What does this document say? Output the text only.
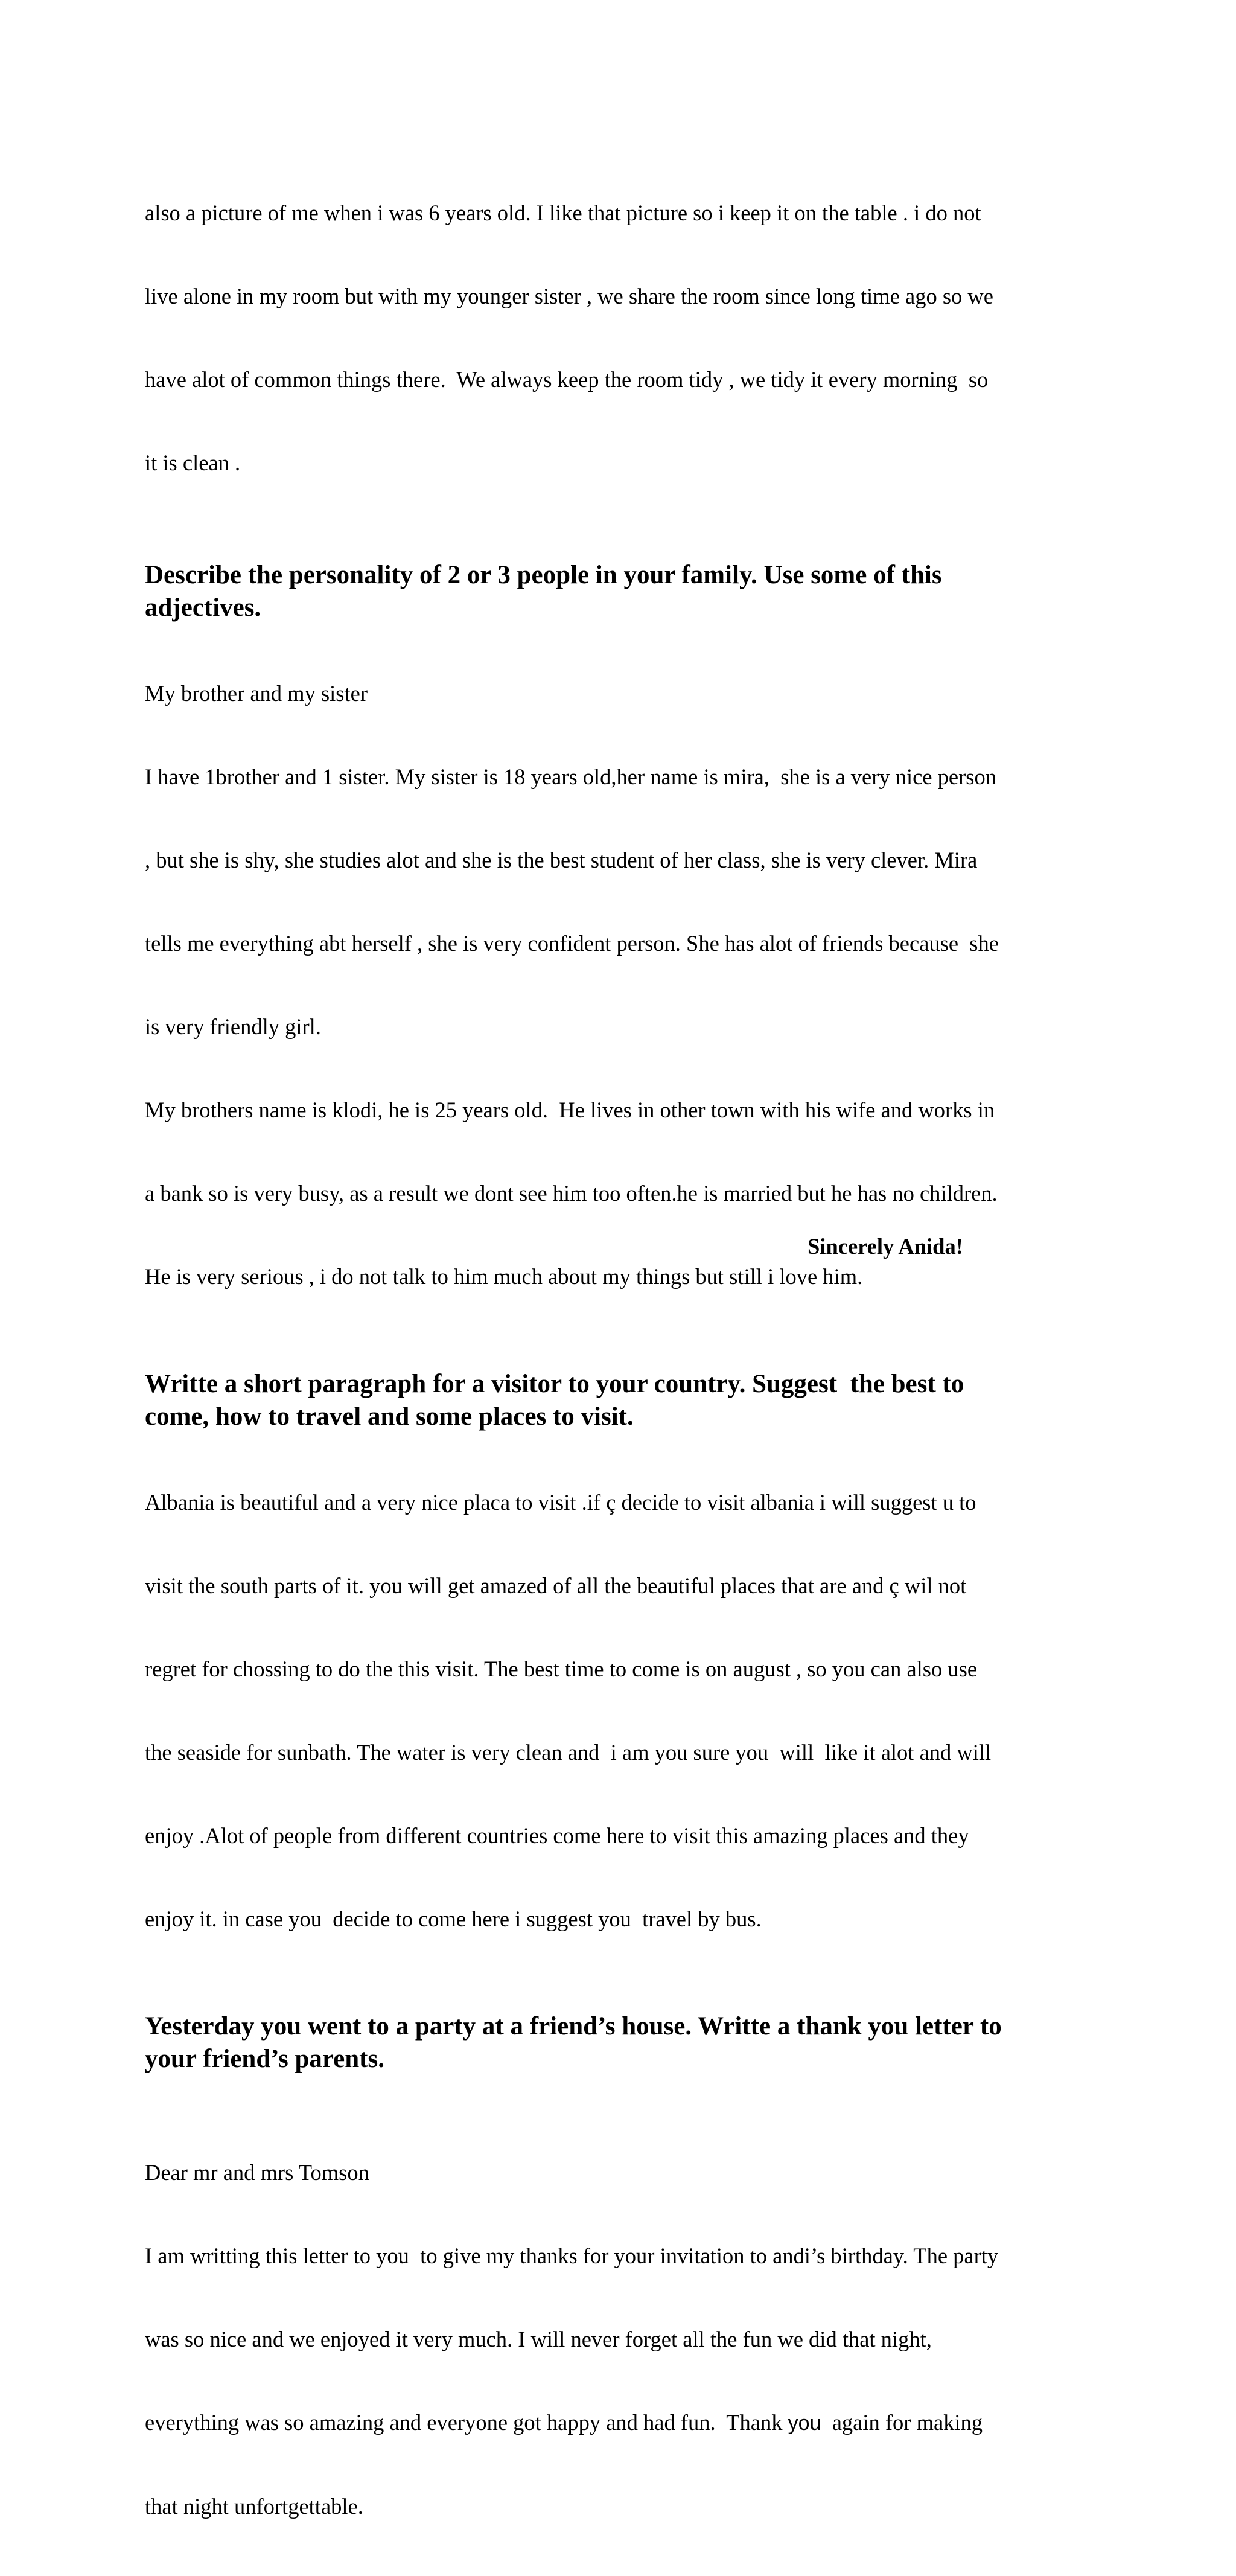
also a picture of me when i was 6 years old. I like that picture so i keep it on the table . i do not

live alone in my room but with my younger sister , we share the room since long time ago so we

have alot of common things there.  We always keep the room tidy , we tidy it every morning  so

it is clean .

Describe the personality of 2 or 3 people in your family. Use some of this
adjectives.

My brother and my sister

I have 1brother and 1 sister. My sister is 18 years old,her name is mira,  she is a very nice person

, but she is shy, she studies alot and she is the best student of her class, she is very clever. Mira

tells me everything abt herself , she is very confident person. She has alot of friends because  she

is very friendly girl.

My brothers name is klodi, he is 25 years old.  He lives in other town with his wife and works in

a bank so is very busy, as a result we dont see him too often.he is married but he has no children.

He is very serious , i do not talk to him much about my things but still i love him.

Writte a short paragraph for a visitor to your country. Suggest  the best to
come, how to travel and some places to visit.

Albania is beautiful and a very nice placa to visit .if ç decide to visit albania i will suggest u to

visit the south parts of it. you will get amazed of all the beautiful places that are and ç wil not

regret for chossing to do the this visit. The best time to come is on august , so you can also use

the seaside for sunbath. The water is very clean and  i am you sure you  will  like it alot and will

enjoy .Alot of people from different countries come here to visit this amazing places and they

enjoy it. in case you  decide to come here i suggest you  travel by bus.

Yesterday you went to a party at a friend’s house. Writte a thank you letter to
your friend’s parents.

Dear mr and mrs Tomson

I am writting this letter to you  to give my thanks for your invitation to andi’s birthday. The party

was so nice and we enjoyed it very much. I will never forget all the fun we did that night,

everything was so amazing and everyone got happy and had fun.  Thank you  again for making

that night unfortgettable.

Sincerely Anida!
